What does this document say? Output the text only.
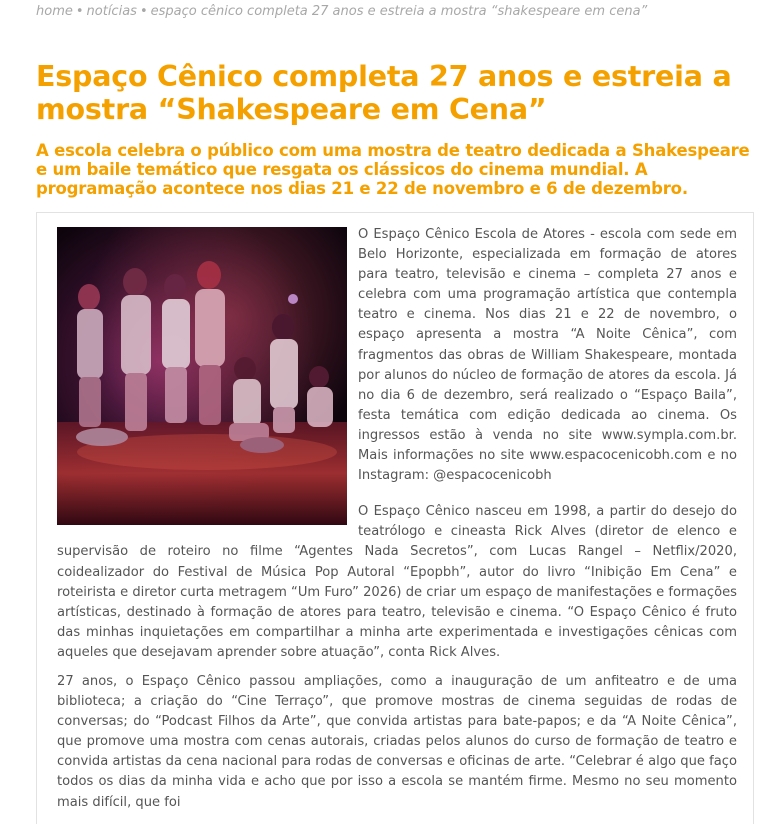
home • notícias • espaço cênico completa 27 anos e estreia a mostra “shakespeare em cena”
Espaço Cênico completa 27 anos e estreia a mostra “Shakespeare em Cena”
A escola celebra o público com uma mostra de teatro dedicada a Shakespeare e um baile temático que resgata os clássicos do cinema mundial. A programação acontece nos dias 21 e 22 de novembro e 6 de dezembro.

O Espaço Cênico Escola de Atores - escola com sede em Belo Horizonte, especializada em formação de atores para teatro, televisão e cinema – completa 27 anos e celebra com uma programação artística que contempla teatro e cinema. Nos dias 21 e 22 de novembro, o espaço apresenta a mostra “A Noite Cênica”, com fragmentos das obras de William Shakespeare, montada por alunos do núcleo de formação de atores da escola. Já no dia 6 de dezembro, será realizado o “Espaço Baila”, festa temática com edição dedicada ao cinema. Os ingressos estão à venda no site www.sympla.com.br. Mais informações no site www.espacocenicobh.com e no Instagram: @espacocenicobh

O Espaço Cênico nasceu em 1998, a partir do desejo do teatrólogo e cineasta Rick Alves (diretor de elenco e supervisão de roteiro no filme “Agentes Nada Secretos”, com Lucas Rangel – Netflix/2020, coidealizador do Festival de Música Pop Autoral “Epopbh”, autor do livro “Inibição Em Cena” e roteirista e diretor curta metragem “Um Furo” 2026) de criar um espaço de manifestações e formações artísticas, destinado à formação de atores para teatro, televisão e cinema. “O Espaço Cênico é fruto das minhas inquietações em compartilhar a minha arte experimentada e investigações cênicas com aqueles que desejavam aprender sobre atuação”, conta Rick Alves.

27 anos, o Espaço Cênico passou ampliações, como a inauguração de um anfiteatro e de uma biblioteca; a criação do “Cine Terraço”, que promove mostras de cinema seguidas de rodas de conversas; do “Podcast Filhos da Arte”, que convida artistas para bate-papos; e da “A Noite Cênica”, que promove uma mostra com cenas autorais, criadas pelos alunos do curso de formação de teatro e convida artistas da cena nacional para rodas de conversas e oficinas de arte. “Celebrar é algo que faço todos os dias da minha vida e acho que por isso a escola se mantém firme. Mesmo no seu momento mais difícil, que foi
